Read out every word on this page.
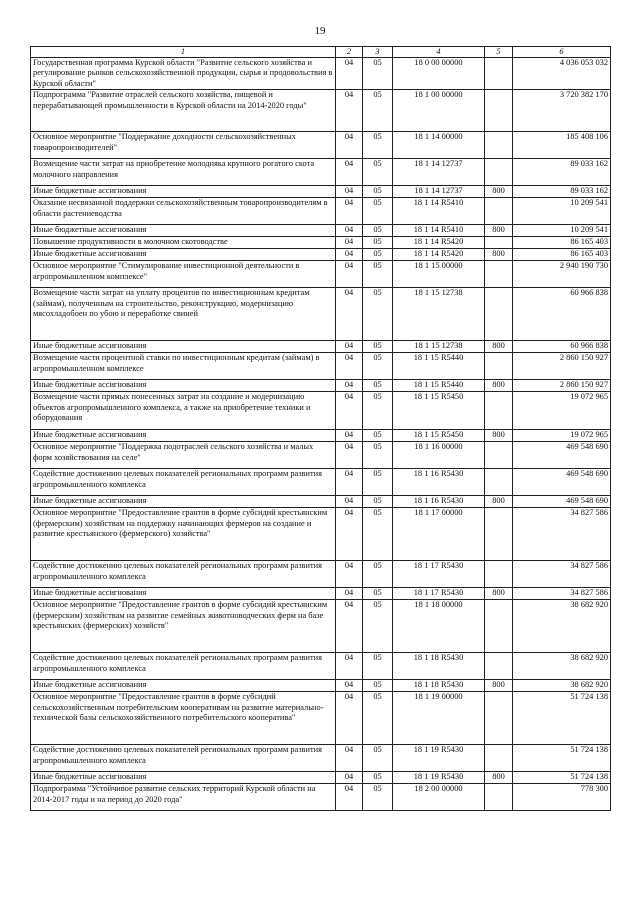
19
1	2	3	4	5	6
Государственная программа Курской области "Развитие сельского хозяйства и регулирование рынков сельскохозяйственной продукции, сырья и продовольствия в Курской области"	04	05	18 0 00 00000		4 036 053 032
Подпрограмма "Развитие отраслей сельского хозяйства, пищевой и перерабатывающей промышленности в Курской области на 2014-2020 годы"	04	05	18 1 00 00000		3 720 382 170
Основное мероприятие "Поддержание доходности сельскохозяйственных товаропроизводителей"	04	05	18 1 14 00000		185 408 106
Возмещение части затрат на приобретение молодняка крупного рогатого скота молочного направления	04	05	18 1 14 12737		89 033 162
Иные бюджетные ассигнования	04	05	18 1 14 12737	800	89 033 162
Оказание несвязанной поддержки сельскохозяйственным товаропроизводителям в области растениеводства	04	05	18 1 14 R5410		10 209 541
Иные бюджетные ассигнования	04	05	18 1 14 R5410	800	10 209 541
Повышение продуктивности в молочном скотоводстве	04	05	18 1 14 R5420		86 165 403
Иные бюджетные ассигнования	04	05	18 1 14 R5420	800	86 165 403
Основное мероприятие "Стимулирование инвестиционной деятельности в агропромышленном комплексе"	04	05	18 1 15 00000		2 940 190 730
Возмещение части затрат на уплату процентов по инвестиционным кредитам (займам), полученным на строительство, реконструкцию, модернизацию мясохладобоен по убою и переработке свиней	04	05	18 1 15 12738		60 966 838
Иные бюджетные ассигнования	04	05	18 1 15 12738	800	60 966 838
Возмещение части процентной ставки по инвестиционным кредитам (займам) в агропромышленном комплексе	04	05	18 1 15 R5440		2 860 150 927
Иные бюджетные ассигнования	04	05	18 1 15 R5440	800	2 860 150 927
Возмещение части прямых понесенных затрат на создание и модернизацию объектов агропромышленного комплекса, а также на приобретение техники и оборудования	04	05	18 1 15 R5450		19 072 965
Иные бюджетные ассигнования	04	05	18 1 15 R5450	800	19 072 965
Основное мероприятие "Поддержка подотраслей сельского хозяйства и малых форм хозяйствования на селе"	04	05	18 1 16 00000		469 548 690
Содействие достижению целевых показателей региональных программ развития агропромышленного комплекса	04	05	18 1 16 R5430		469 548 690
Иные бюджетные ассигнования	04	05	18 1 16 R5430	800	469 548 690
Основное мероприятие "Предоставление грантов в форме субсидий крестьянским (фермерским) хозяйствам на поддержку начинающих фермеров на создание и развитие крестьянского (фермерского) хозяйства"	04	05	18 1 17 00000		34 827 586
Содействие достижению целевых показателей региональных программ развития агропромышленного комплекса	04	05	18 1 17 R5430		34 827 586
Иные бюджетные ассигнования	04	05	18 1 17 R5430	800	34 827 586
Основное мероприятие "Предоставление грантов в форме субсидий крестьянским (фермерским) хозяйствам на развитие семейных животноводческих ферм на базе крестьянских (фермерских) хозяйств"	04	05	18 1 18 00000		38 682 920
Содействие достижению целевых показателей региональных программ развития агропромышленного комплекса	04	05	18 1 18 R5430		38 682 920
Иные бюджетные ассигнования	04	05	18 1 18 R5430	800	38 682 920
Основное мероприятие "Предоставление грантов в форме субсидий сельскохозяйственным потребительским кооперативам на развитие материально-технической базы сельскохозяйственного потребительского кооператива"	04	05	18 1 19 00000		51 724 138
Содействие достижению целевых показателей региональных программ развития агропромышленного комплекса	04	05	18 1 19 R5430		51 724 138
Иные бюджетные ассигнования	04	05	18 1 19 R5430	800	51 724 138
Подпрограмма "Устойчивое развитие сельских территорий Курской области на 2014-2017 годы и на период до 2020 года"	04	05	18 2 00 00000		778 300
